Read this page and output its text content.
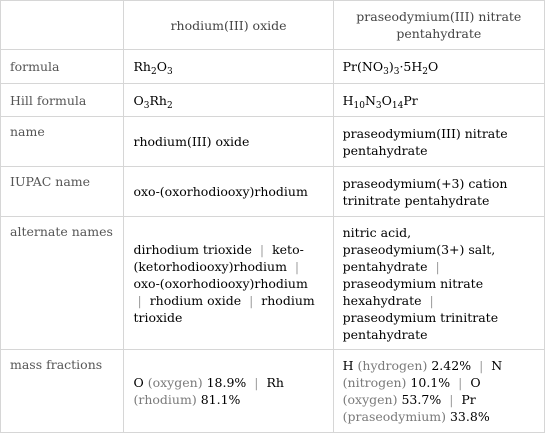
	rhodium(III) oxide	praseodymium(III) nitrate pentahydrate
formula	$Rh_2O_3$	$Pr(NO_3)_3\cdot 5H_2O$
Hill formula	$O_3Rh_2$	$H_{10}N_3O_{14}Pr$
name	rhodium(III) oxide	praseodymium(III) nitrate pentahydrate
IUPAC name	oxo-(oxorhodiooxy)rhodium	praseodymium(+3) cation trinitrate pentahydrate
alternate names	dirhodium trioxide | keto-(ketorhodiooxy)rhodium | oxo-(oxorhodiooxy)rhodium | rhodium oxide | rhodium trioxide	nitric acid, praseodymium(3+) salt, pentahydrate | praseodymium nitrate hexahydrate | praseodymium trinitrate pentahydrate
mass fractions	O (oxygen) 18.9% | Rh (rhodium) 81.1%	H (hydrogen) 2.42% | N (nitrogen) 10.1% | O (oxygen) 53.7% | Pr (praseodymium) 33.8%
